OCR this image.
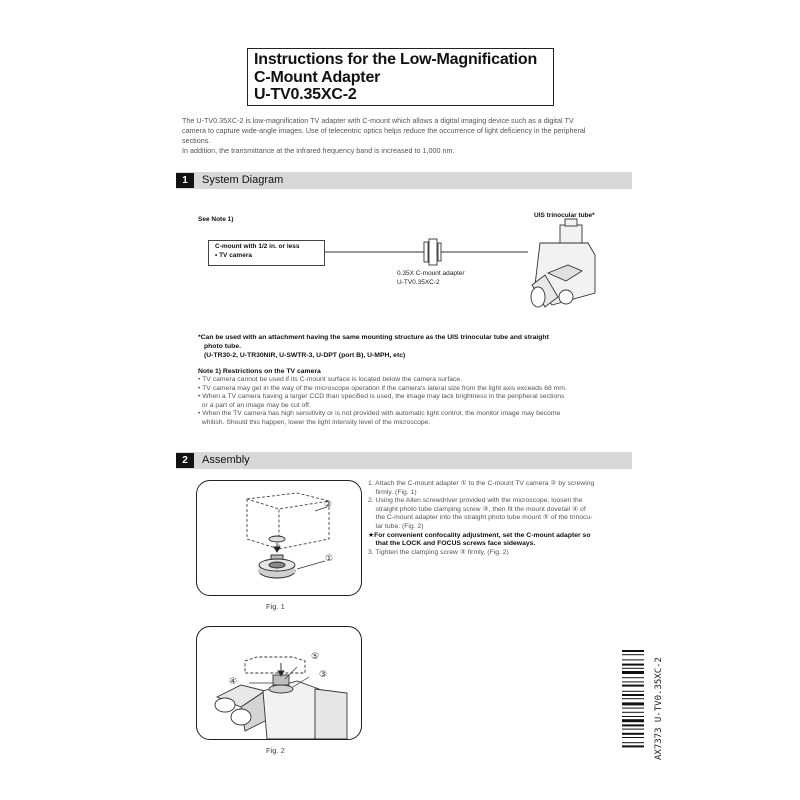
Instructions for the Low-Magnification
C-Mount Adapter
U-TV0.35XC-2
The U-TV0.35XC-2 is low-magnification TV adapter with C-mount which allows a digital imaging device such as a digital TV
camera to capture wide-angle images. Use of telecentric optics helps reduce the occurrence of light deficiency in the peripheral
sections.
In addition, the transmittance at the infrared frequency band is increased to 1,000 nm.
1	System Diagram
See Note 1)
UIS trinocular tube*
C-mount with 1/2 in. or less
• TV camera
0.35X C-mount adapter
U-TV0.35XC-2
*Can be used with an attachment having the same mounting structure as the UIS trinocular tube and straight
photo tube.
(U-TR30-2, U-TR30NIR, U-SWTR-3, U-DPT (port B), U-MPH, etc)
Note 1) Restrictions on the TV camera
• TV camera cannot be used if its C-mount surface is located below the camera surface.
• TV camera may get in the way of the microscope operation if the camera's lateral size from the light axis exceeds 68 mm.
• When a TV camera having a larger CCD than specified is used, the image may lack brightness in the peripheral sections
or a part of an image may be cut off.
• When the TV camera has high sensitivity or is not provided with automatic light control, the monitor image may become
whitish. Should this happen, lower the light intensity level of the microscope.
2	Assembly
②
①
Fig. 1
④
⑤
③
Fig. 2
1. Attach the C-mount adapter ① to the C-mount TV camera ② by screwing
firmly. (Fig. 1)
2. Using the Allen screwdriver provided with the microscope, loosen the
straight photo tube clamping screw ③, then fit the mount dovetail ④ of
the C-mount adapter into the straight photo tube mount ⑤ of the trinocu-
lar tube. (Fig. 2)
★For convenient confocality adjustment, set the C-mount adapter so
that the LOCK and FOCUS screws face sideways.
3. Tighten the clamping screw ③ firmly. (Fig. 2)
AX7373 U-TV0.35XC-2
